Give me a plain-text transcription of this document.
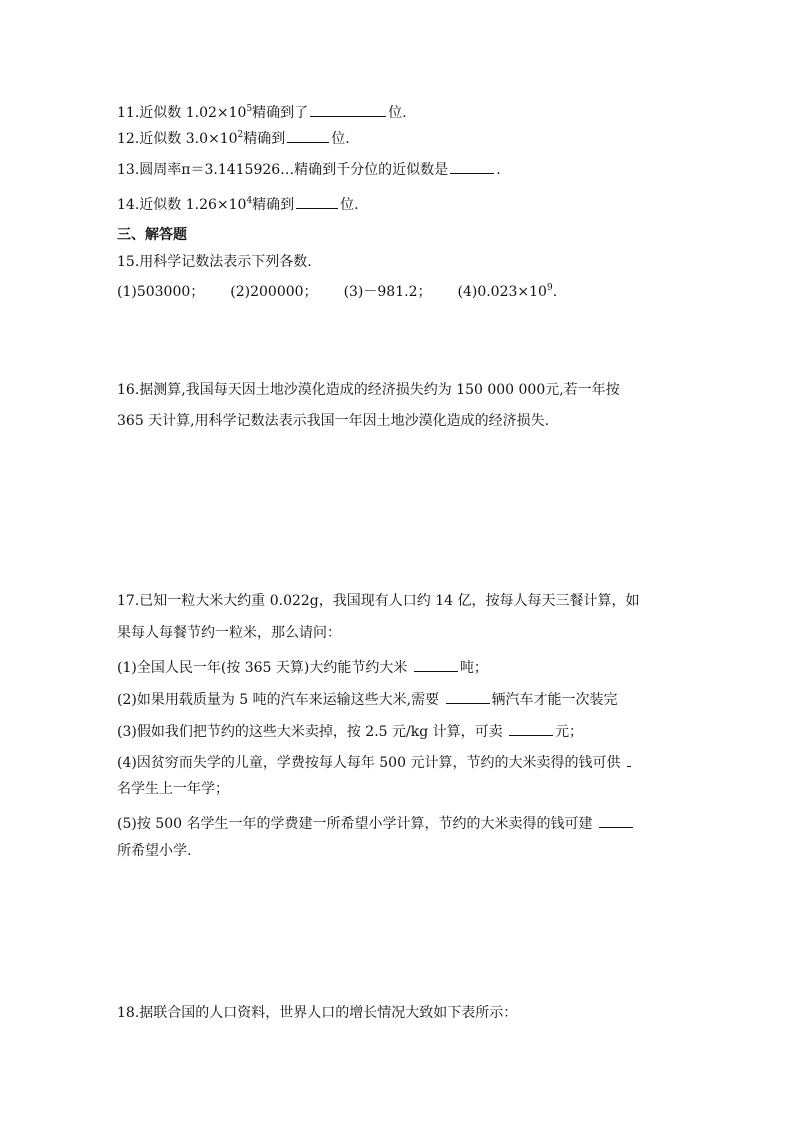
11.近似数 $1.02\times 10^5$精确到了	位.
12.近似数 $3.0\times 10^2$精确到	位.
13.圆周率π＝3.1415926…精确到千分位的近似数是	.
14.近似数 $1.26\times 10^4$精确到	位.
三、解答题
15.用科学记数法表示下列各数.
(1)503000； (2)200000； (3)－981.2； $(4)0.023\times 10^9$.
16.据测算,我国每天因土地沙漠化造成的经济损失约为 150 000 000元,若一年按
365 天计算,用科学记数法表示我国一年因土地沙漠化造成的经济损失.
17.已知一粒大米大约重 0.022g，我国现有人口约 14 亿，按每人每天三餐计算，如
果每人每餐节约一粒米，那么请问：
(1)全国人民一年(按 365 天算)大约能节约大米	吨；
(2)如果用载质量为 5 吨的汽车来运输这些大米,需要	辆汽车才能一次装完
(3)假如我们把节约的这些大米卖掉，按 2.5 元/kg 计算，可卖	元；
(4)因贫穷而失学的儿童，学费按每人每年 500 元计算，节约的大米卖得的钱可供
名学生上一年学；
(5)按 500 名学生一年的学费建一所希望小学计算，节约的大米卖得的钱可建
所希望小学.
18.据联合国的人口资料，世界人口的增长情况大致如下表所示：
